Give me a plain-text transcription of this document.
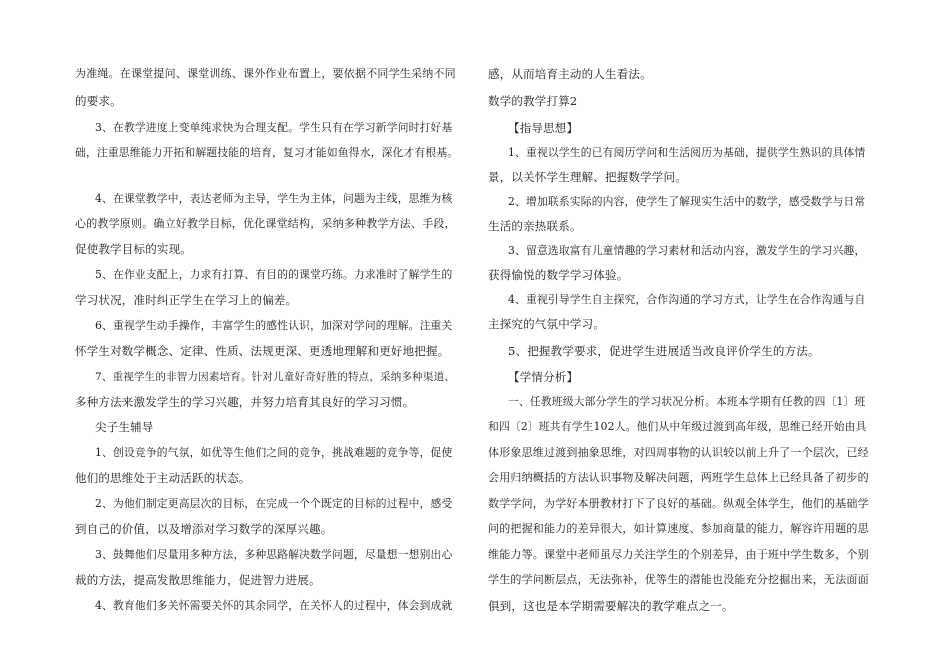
为准绳。在课堂提问、课堂训练、课外作业布置上，要依据不同学生采纳不同
的要求。
3、在教学进度上变单纯求快为合理支配。学生只有在学习新学问时打好基
础，注重思维能力开拓和解题技能的培育，复习才能如鱼得水，深化才有根基。
4、在课堂教学中，表达老师为主导，学生为主体，问题为主线，思维为核
心的教学原则。确立好教学目标，优化课堂结构，采纳多种教学方法、手段，
促使教学目标的实现。
5、在作业支配上，力求有打算、有目的的课堂巧练。力求准时了解学生的
学习状况，准时纠正学生在学习上的偏差。
6、重视学生动手操作，丰富学生的感性认识，加深对学问的理解。注重关
怀学生对数学概念、定律、性质、法规更深、更透地理解和更好地把握。
7、重视学生的非智力因素培育。针对儿童好奇好胜的特点，采纳多种渠道、
多种方法来激发学生的学习兴趣，并努力培育其良好的学习习惯。
尖子生辅导
1、创设竞争的气氛，如优等生他们之间的竞争，挑战难题的竞争等，促使
他们的思维处于主动活跃的状态。
2、为他们制定更高层次的目标，在完成一个个既定的目标的过程中，感受
到自己的价值，以及增添对学习数学的深厚兴趣。
3、鼓舞他们尽量用多种方法，多种思路解决数学问题，尽量想一想别出心
裁的方法，提高发散思维能力，促进智力进展。
4、教育他们多关怀需要关怀的其余同学，在关怀人的过程中，体会到成就
感，从而培育主动的人生看法。
数学的教学打算2
【指导思想】
1、重视以学生的已有阅历学问和生活阅历为基础，提供学生熟识的具体情
景，以关怀学生理解、把握数学学问。
2、增加联系实际的内容，使学生了解现实生活中的数学，感受数学与日常
生活的亲热联系。
3、留意选取富有儿童情趣的学习素材和活动内容，激发学生的学习兴趣，
获得愉悦的数学学习体验。
4、重视引导学生自主探究，合作沟通的学习方式，让学生在合作沟通与自
主探究的气氛中学习。
5、把握教学要求，促进学生进展适当改良评价学生的方法。
【学情分析】
一、任教班级大部分学生的学习状况分析。本班本学期有任教的四〔1〕班
和四〔2〕班共有学生102人。他们从中年级过渡到高年级，思维已经开始由具
体形象思维过渡到抽象思维，对四周事物的认识较以前上升了一个层次，已经
会用归纳概括的方法认识事物及解决问题，两班学生总体上已经具备了初步的
数学学问，为学好本册教材打下了良好的基础。纵观全体学生，他们的基础学
问的把握和能力的差异很大，如计算速度、参加商量的能力，解容许用题的思
维能力等。课堂中老师虽尽力关注学生的个别差异，由于班中学生数多，个别
学生的学问断层点，无法弥补，优等生的潜能也没能充分挖掘出来，无法面面
俱到，这也是本学期需要解决的教学难点之一。
